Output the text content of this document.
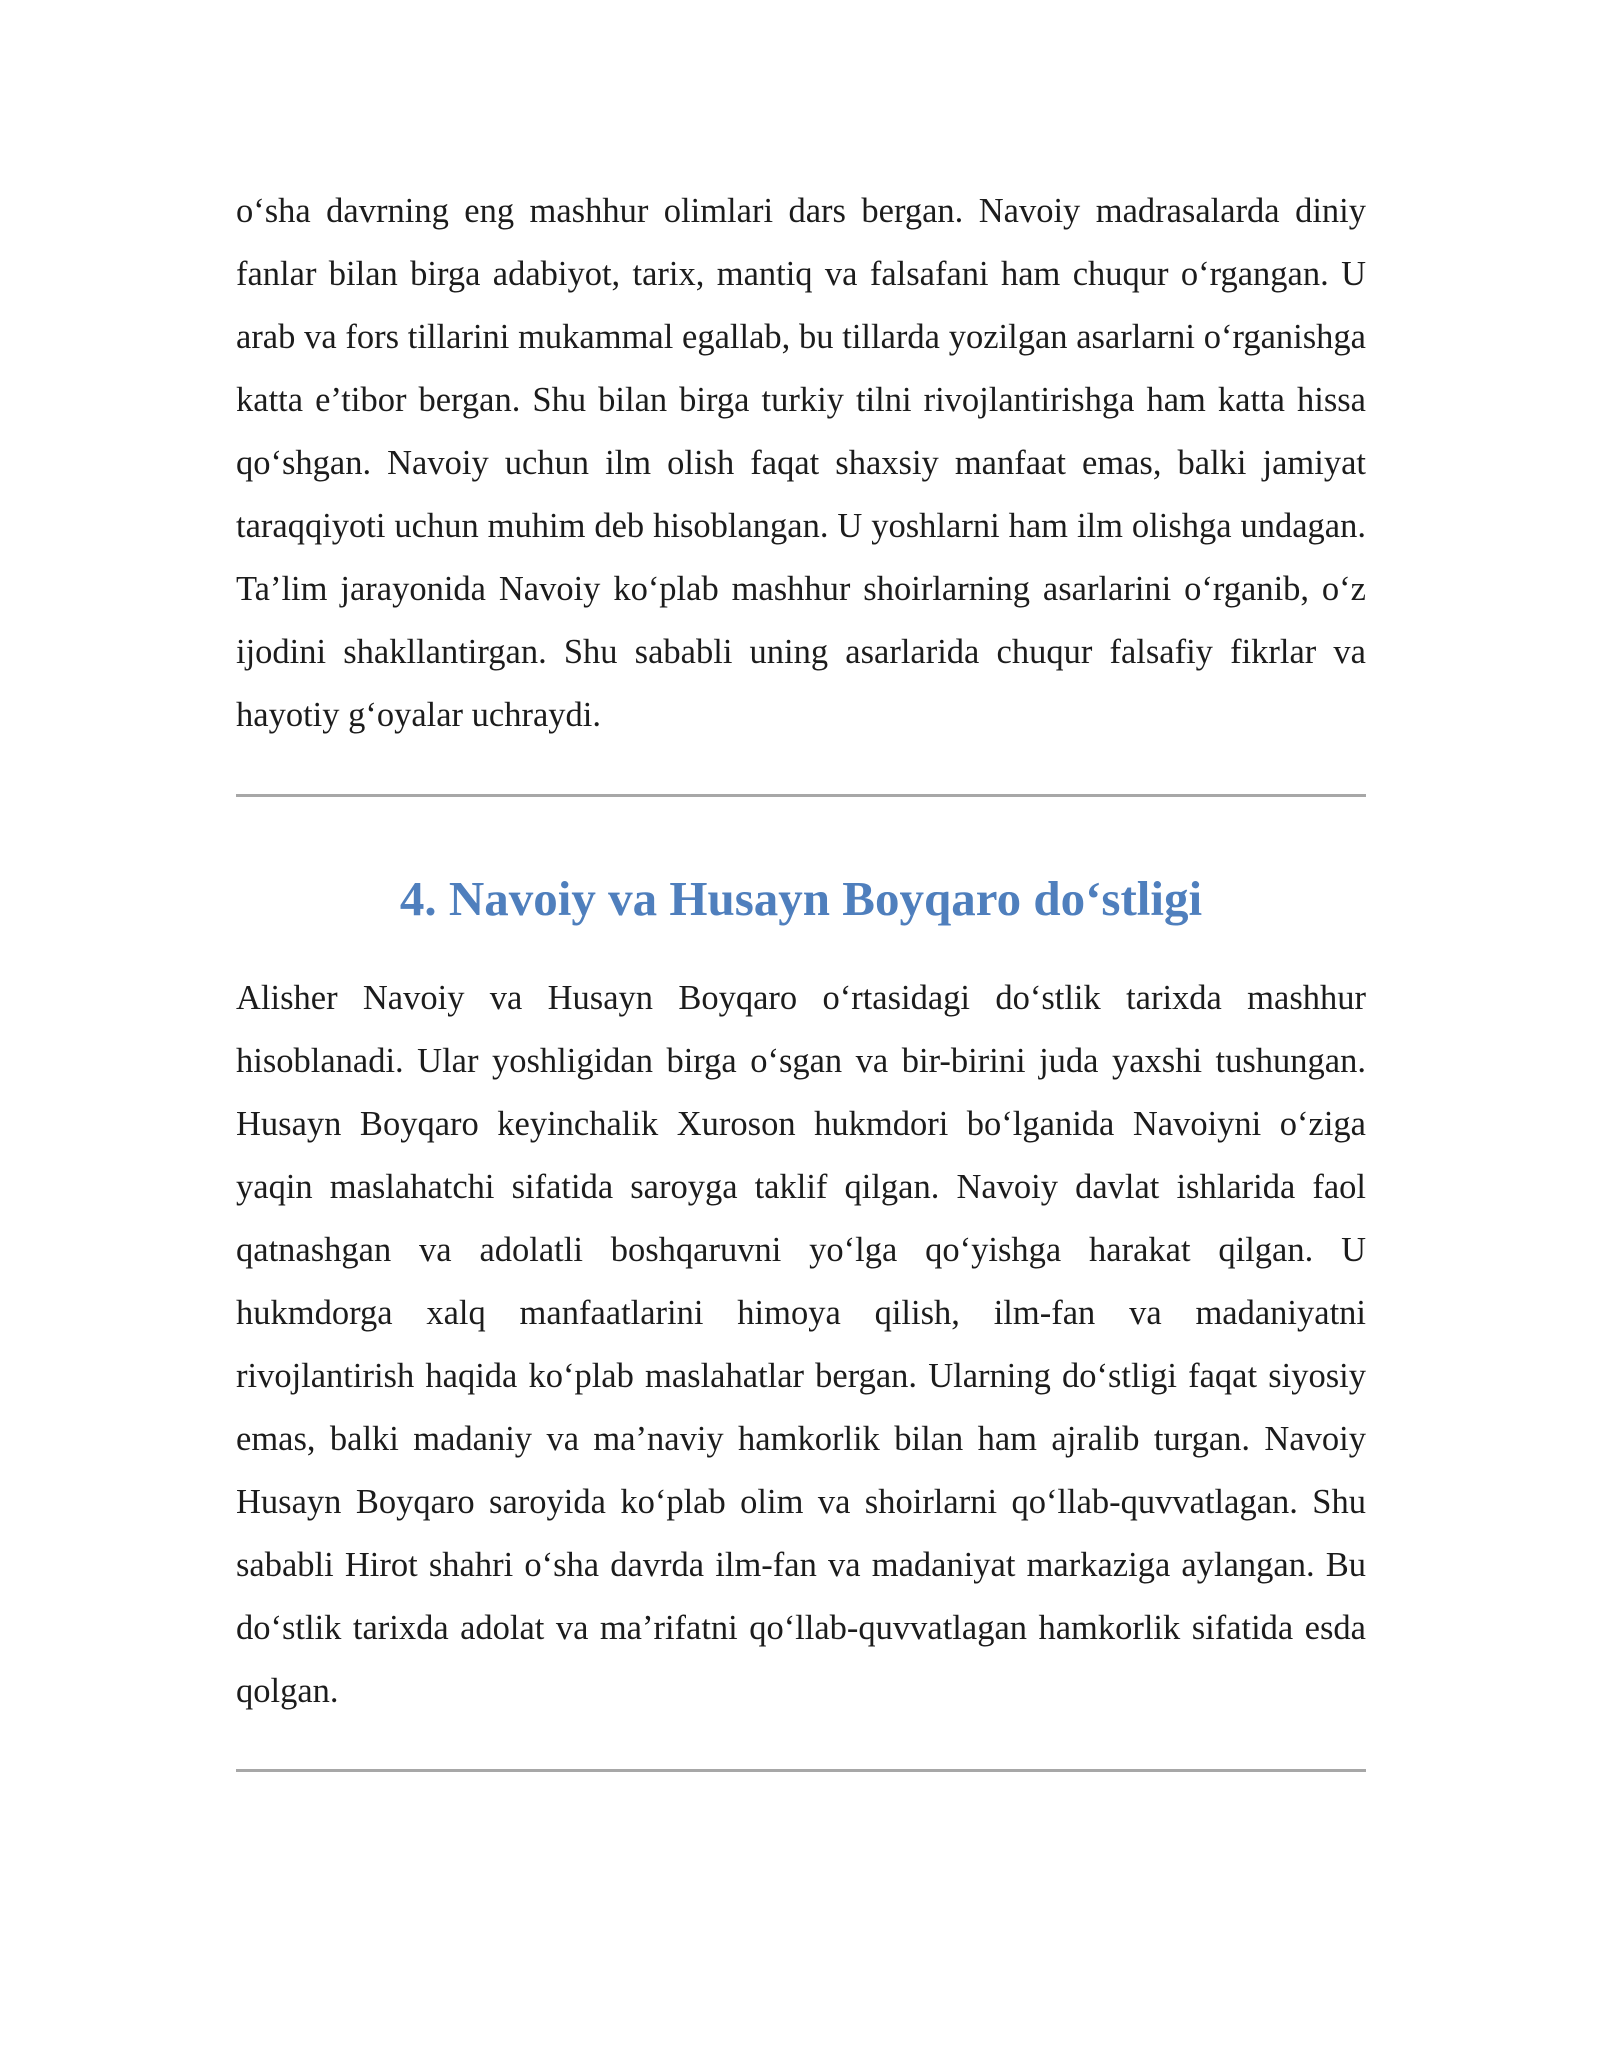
o‘sha davrning eng mashhur olimlari dars bergan. Navoiy madrasalarda diniy fanlar bilan birga adabiyot, tarix, mantiq va falsafani ham chuqur o‘rgangan. U arab va fors tillarini mukammal egallab, bu tillarda yozilgan asarlarni o‘rganishga katta e’tibor bergan. Shu bilan birga turkiy tilni rivojlantirishga ham katta hissa qo‘shgan. Navoiy uchun ilm olish faqat shaxsiy manfaat emas, balki jamiyat taraqqiyoti uchun muhim deb hisoblangan. U yoshlarni ham ilm olishga undagan. Ta’lim jarayonida Navoiy ko‘plab mashhur shoirlarning asarlarini o‘rganib, o‘z ijodini shakllantirgan. Shu sababli uning asarlarida chuqur falsafiy fikrlar va hayotiy g‘oyalar uchraydi.

4. Navoiy va Husayn Boyqaro do‘stligi

Alisher Navoiy va Husayn Boyqaro o‘rtasidagi do‘stlik tarixda mashhur hisoblanadi. Ular yoshligidan birga o‘sgan va bir-birini juda yaxshi tushungan. Husayn Boyqaro keyinchalik Xuroson hukmdori bo‘lganida Navoiyni o‘ziga yaqin maslahatchi sifatida saroyga taklif qilgan. Navoiy davlat ishlarida faol qatnashgan va adolatli boshqaruvni yo‘lga qo‘yishga harakat qilgan. U hukmdorga xalq manfaatlarini himoya qilish, ilm-fan va madaniyatni rivojlantirish haqida ko‘plab maslahatlar bergan. Ularning do‘stligi faqat siyosiy emas, balki madaniy va ma’naviy hamkorlik bilan ham ajralib turgan. Navoiy Husayn Boyqaro saroyida ko‘plab olim va shoirlarni qo‘llab-quvvatlagan. Shu sababli Hirot shahri o‘sha davrda ilm-fan va madaniyat markaziga aylangan. Bu do‘stlik tarixda adolat va ma’rifatni qo‘llab-quvvatlagan hamkorlik sifatida esda qolgan.
